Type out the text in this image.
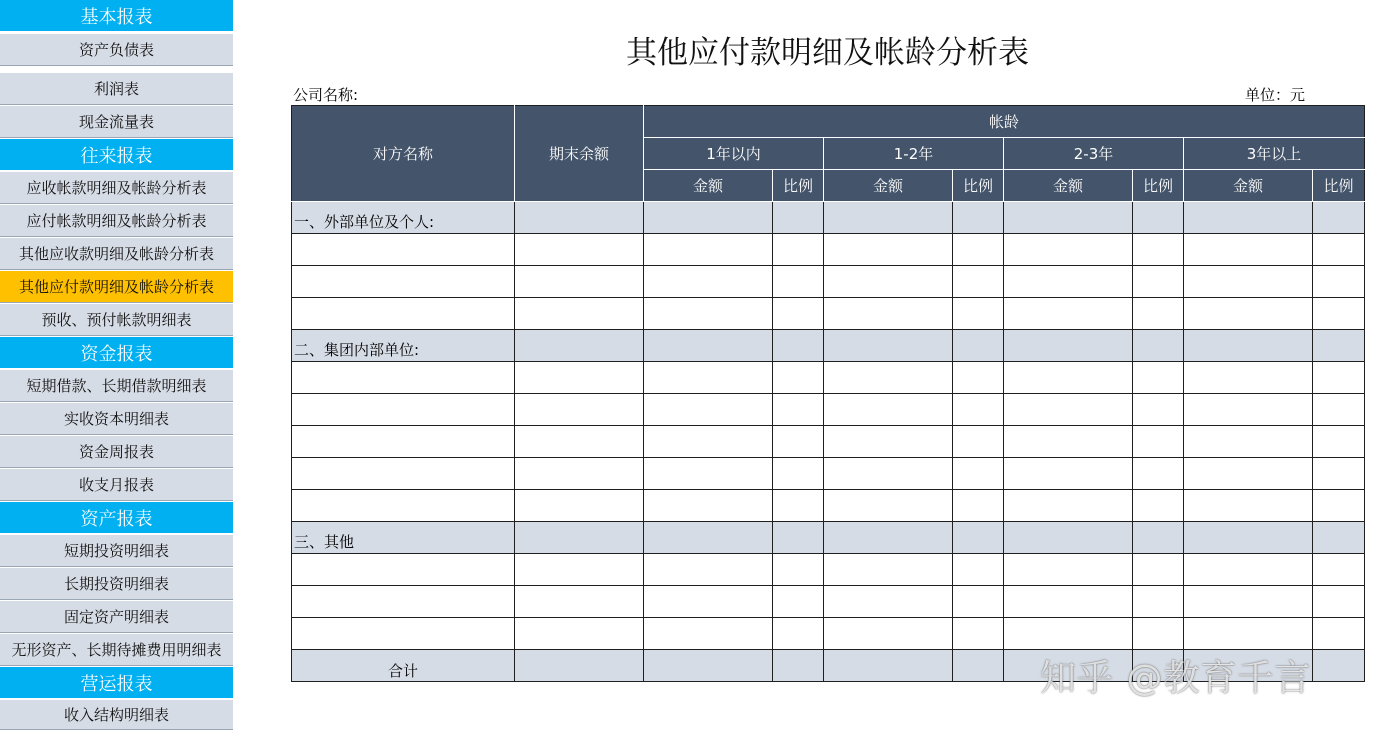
基本报表
资产负债表
利润表
现金流量表
往来报表
应收帐款明细及帐龄分析表
应付帐款明细及帐龄分析表
其他应收款明细及帐龄分析表
其他应付款明细及帐龄分析表
预收、预付帐款明细表
资金报表
短期借款、长期借款明细表
实收资本明细表
资金周报表
收支月报表
资产报表
短期投资明细表
长期投资明细表
固定资产明细表
无形资产、长期待摊费用明细表
营运报表
收入结构明细表
其他应付款明细及帐龄分析表
公司名称:	单位：元
对方名称	期末余额	帐龄							
		1年以内		1-2年		2-3年		3年以上	
		金额	比例	金额	比例	金额	比例	金额	比例
一、外部单位及个人:									

二、集团内部单位:									

三、其他									

合计										知乎 @教育千言
